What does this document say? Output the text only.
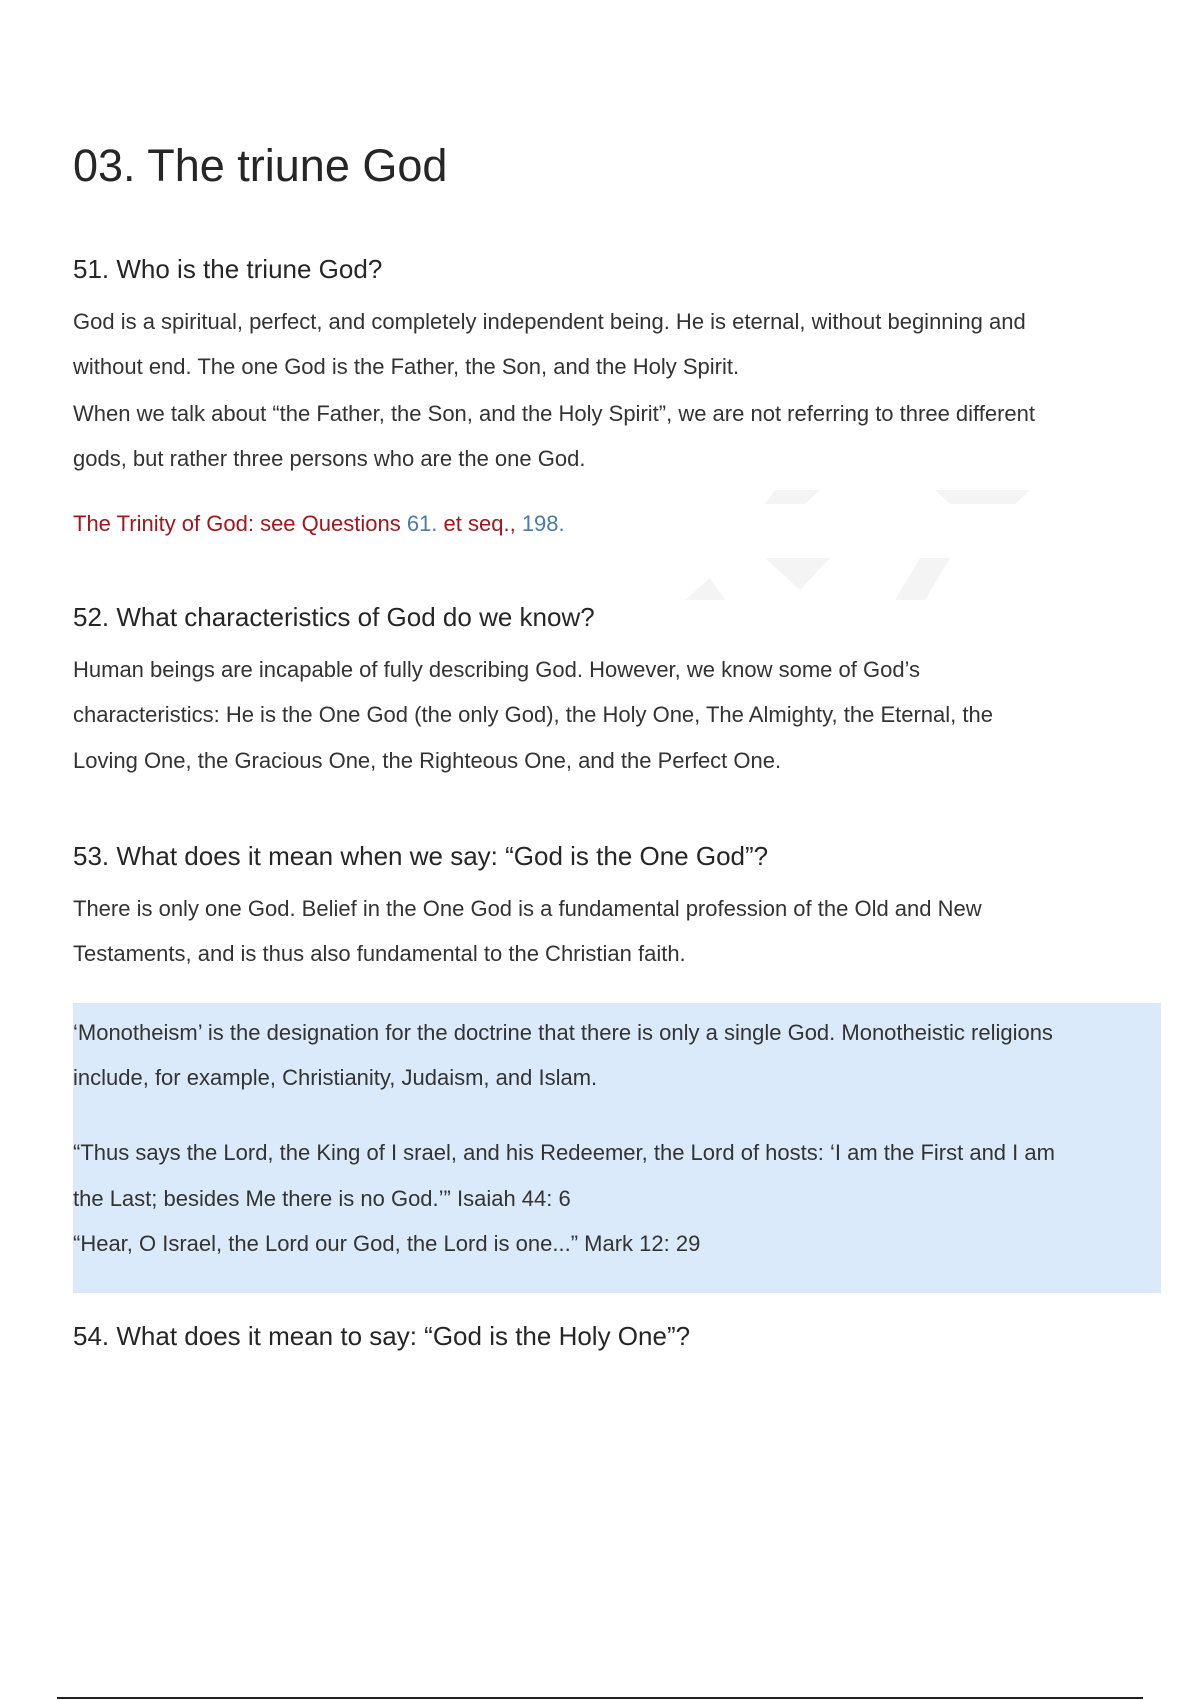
03. The triune God
51. Who is the triune God?

God is a spiritual, perfect, and completely independent being. He is eternal, without beginning and

without end. The one God is the Father, the Son, and the Holy Spirit.

When we talk about “the Father, the Son, and the Holy Spirit”, we are not referring to three different

gods, but rather three persons who are the one God.

52. What characteristics of God do we know?

Human beings are incapable of fully describing God. However, we know some of God’s

characteristics: He is the One God (the only God), the Holy One, The Almighty, the Eternal, the

Loving One, the Gracious One, the Righteous One, and the Perfect One.

53. What does it mean when we say: “God is the One God”?

There is only one God. Belief in the One God is a fundamental profession of the Old and New

Testaments, and is thus also fundamental to the Christian faith.

54. What does it mean to say: “God is the Holy One”?

The Trinity of God: see Questions 61. et seq., 198.

‘Monotheism’ is the designation for the doctrine that there is only a single God. Monotheistic religions

include, for example, Christianity, Judaism, and Islam.

“Thus says the Lord, the King of I srael, and his Redeemer, the Lord of hosts: ‘I am the First and I am

the Last; besides Me there is no God.’” Isaiah 44: 6

“Hear, O Israel, the Lord our God, the Lord is one...” Mark 12: 29
